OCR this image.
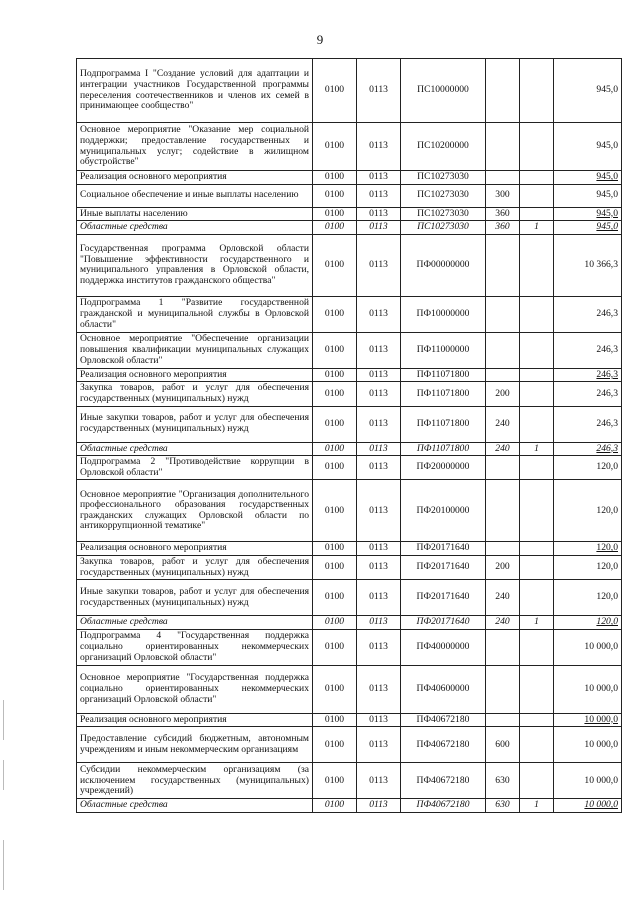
9
Подпрограмма I "Создание условий для адаптации и интеграции участников Государственной программы переселения соотечественников и членов их семей в принимающее сообщество"	0100	0113	ПС10000000			945,0
Основное мероприятие "Оказание мер социальной поддержки; предоставление государственных и муниципальных услуг; содействие в жилищном обустройстве"	0100	0113	ПС10200000			945,0
Реализация основного мероприятия	0100	0113	ПС10273030			945,0
Социальное обеспечение и иные выплаты населению	0100	0113	ПС10273030	300		945,0
Иные выплаты населению	0100	0113	ПС10273030	360		945,0
Областные средства	0100	0113	ПС10273030	360	1	945,0
Государственная программа Орловской области "Повышение эффективности государственного и муниципального управления в Орловской области, поддержка институтов гражданского общества"	0100	0113	ПФ00000000			10 366,3
Подпрограмма 1 "Развитие государственной гражданской и муниципальной службы в Орловской области"	0100	0113	ПФ10000000			246,3
Основное мероприятие "Обеспечение организации повышения квалификации муниципальных служащих Орловской области"	0100	0113	ПФ11000000			246,3
Реализация основного мероприятия	0100	0113	ПФ11071800			246,3
Закупка товаров, работ и услуг для обеспечения государственных (муниципальных) нужд	0100	0113	ПФ11071800	200		246,3
Иные закупки товаров, работ и услуг для обеспечения государственных (муниципальных) нужд	0100	0113	ПФ11071800	240		246,3
Областные средства	0100	0113	ПФ11071800	240	1	246,3
Подпрограмма 2 "Противодействие коррупции в Орловской области"	0100	0113	ПФ20000000			120,0
Основное мероприятие "Организация дополнительного профессионального образования государственных гражданских служащих Орловской области по антикоррупционной тематике"	0100	0113	ПФ20100000			120,0
Реализация основного мероприятия	0100	0113	ПФ20171640			120,0
Закупка товаров, работ и услуг для обеспечения государственных (муниципальных) нужд	0100	0113	ПФ20171640	200		120,0
Иные закупки товаров, работ и услуг для обеспечения государственных (муниципальных) нужд	0100	0113	ПФ20171640	240		120,0
Областные средства	0100	0113	ПФ20171640	240	1	120,0
Подпрограмма 4 "Государственная поддержка социально ориентированных некоммерческих организаций Орловской области"	0100	0113	ПФ40000000			10 000,0
Основное мероприятие "Государственная поддержка социально ориентированных некоммерческих организаций Орловской области"	0100	0113	ПФ40600000			10 000,0
Реализация основного мероприятия	0100	0113	ПФ40672180			10 000,0
Предоставление субсидий бюджетным, автономным учреждениям и иным некоммерческим организациям	0100	0113	ПФ40672180	600		10 000,0
Субсидии некоммерческим организациям (за исключением государственных (муниципальных) учреждений)	0100	0113	ПФ40672180	630		10 000,0
Областные средства	0100	0113	ПФ40672180	630	1	10 000,0
